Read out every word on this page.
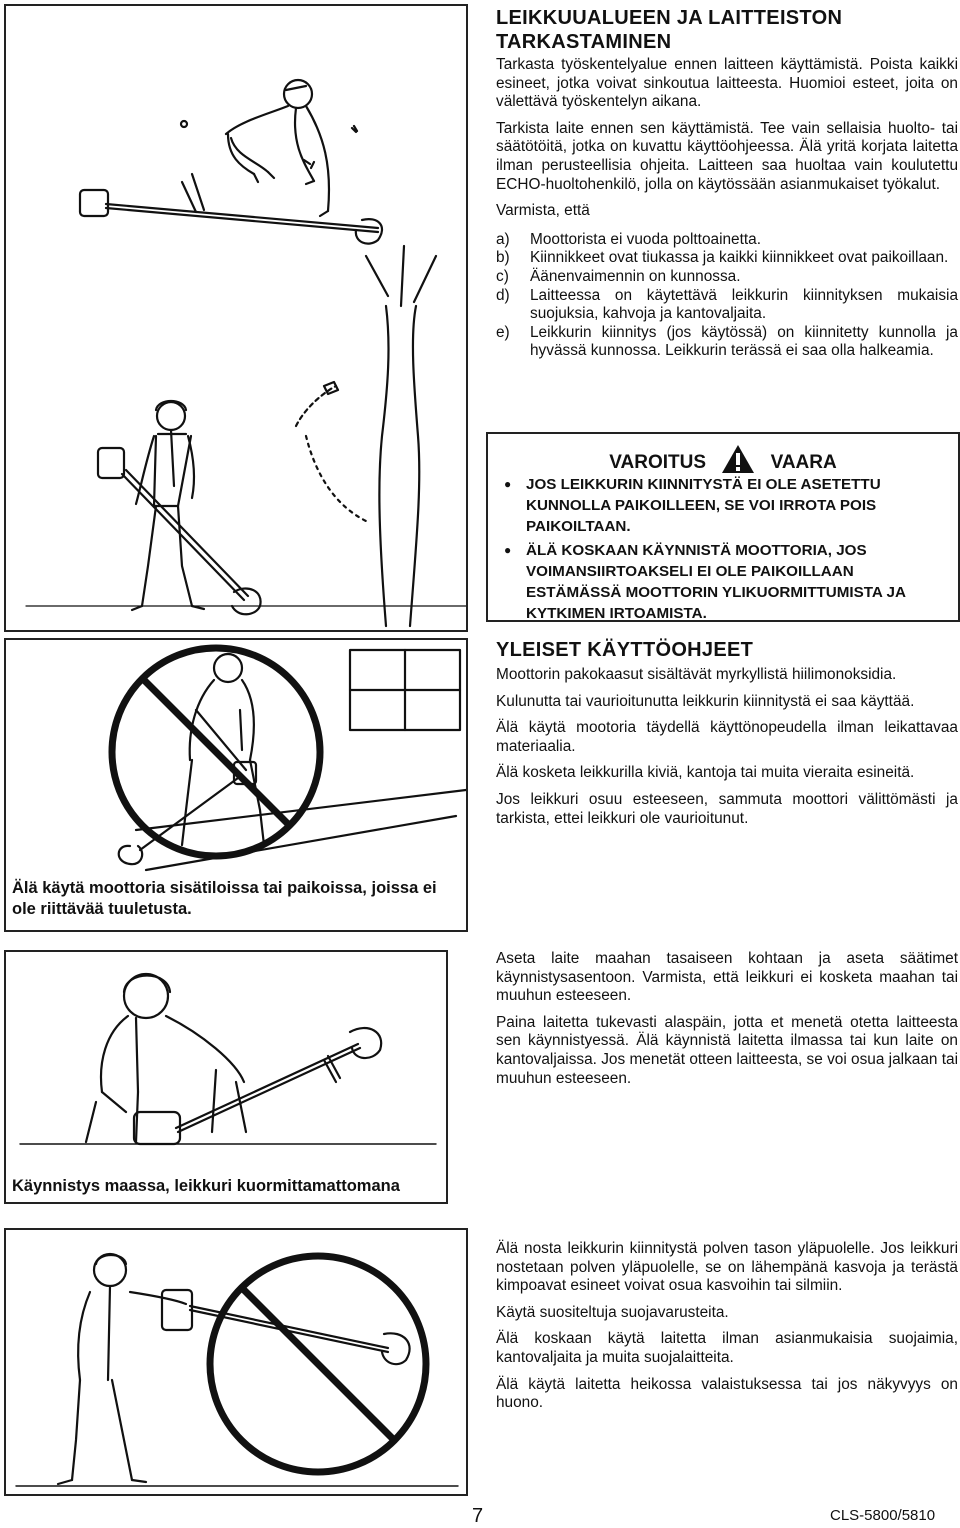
Älä käytä moottoria sisätiloissa tai paikoissa, joissa ei ole riittävää tuuletusta.
Käynnistys maassa, leikkuri kuormittamattomana
LEIKKUUALUEEN JA LAITTEISTON
TARKASTAMINEN

Tarkasta työskentelyalue ennen laitteen käyttämistä. Poista kaikki esineet, jotka voivat sinkoutua laitteesta. Huomioi esteet, joita on välettävä työskentelyn aikana.

Tarkista laite ennen sen käyttämistä. Tee vain sellaisia huolto- tai säätötöitä, jotka on kuvattu käyttöohjeessa. Älä yritä korjata laitetta ilman perusteellisia ohjeita. Laitteen saa huoltaa vain koulutettu ECHO-huoltohenkilö, jolla on käytössään asianmukaiset työkalut.

Varmista, että

a)	Moottorista ei vuoda polttoainetta.
b)	Kiinnikkeet ovat tiukassa ja kaikki kiinnikkeet ovat paikoillaan.
c)	Äänenvaimennin on kunnossa.
d)	Laitteessa on käytettävä leikkurin kiinnityksen mukaisia suojuksia, kahvoja ja kantovaljaita.
e)	Leikkurin kiinnitys (jos käytössä) on kiinnitetty kunnolla ja hyvässä kunnossa. Leikkurin terässä ei saa olla halkeamia.
VAROITUS	VAARA
● JOS LEIKKURIN KIINNITYSTÄ EI OLE ASETETTU KUNNOLLA PAIKOILLEEN, SE VOI IRROTA POIS PAIKOILTAAN.
● ÄLÄ KOSKAAN KÄYNNISTÄ MOOTTORIA, JOS VOIMANSIIRTOAKSELI EI OLE PAIKOILLAAN ESTÄMÄSSÄ MOOTTORIN YLIKUORMITTUMISTA JA KYTKIMEN IRTOAMISTA.
YLEISET KÄYTTÖOHJEET

Moottorin pakokaasut sisältävät myrkyllistä hiilimonoksidia.

Kulunutta tai vaurioitunutta leikkurin kiinnitystä ei saa käyttää.

Älä käytä mootoria täydellä käyttönopeudella ilman leikattavaa materiaalia.

Älä kosketa leikkurilla kiviä, kantoja tai muita vieraita esineitä.

Jos leikkuri osuu esteeseen, sammuta moottori välittömästi ja tarkista, ettei leikkuri ole vaurioitunut.

Aseta laite maahan tasaiseen kohtaan ja aseta säätimet käynnistysasentoon. Varmista, että leikkuri ei kosketa maahan tai muuhun esteeseen.

Paina laitetta tukevasti alaspäin, jotta et menetä otetta laitteesta sen käynnistyessä. Älä käynnistä laitetta ilmassa tai kun laite on kantovaljaissa. Jos menetät otteen laitteesta, se voi osua jalkaan tai muuhun esteeseen.

Älä nosta leikkurin kiinnitystä polven tason yläpuolelle. Jos leikkuri nostetaan polven yläpuolelle, se on lähempänä kasvoja ja terästä kimpoavat esineet voivat osua kasvoihin tai silmiin.

Käytä suositeltuja suojavarusteita.

Älä koskaan käytä laitetta ilman asianmukaisia suojaimia, kantovaljaita ja muita suojalaitteita.

Älä käytä laitetta heikossa valaistuksessa tai jos näkyvyys on huono.

7	CLS-5800/5810
